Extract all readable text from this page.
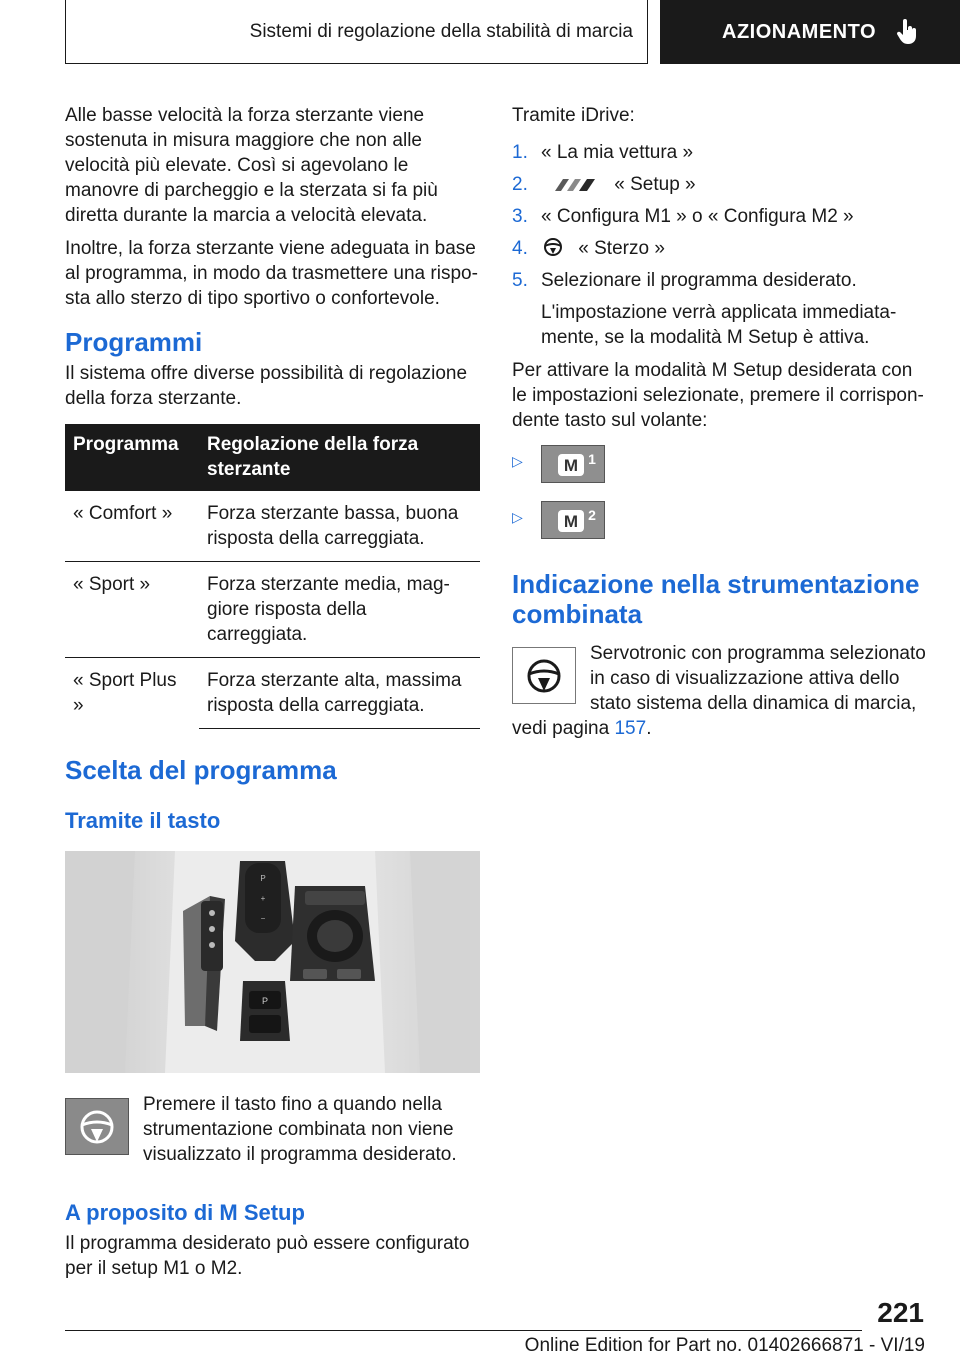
Sistemi di regolazione della stabilità di marcia	AZIONAMENTO

Alle basse velocità la forza sterzante viene sostenuta in misura maggiore che non alle velocità più elevate. Così si agevolano le manovre di parcheggio e la sterzata si fa più diretta durante la marcia a velocità elevata.

Inoltre, la forza sterzante viene adeguata in base al programma, in modo da trasmettere una risposta allo sterzo di tipo sportivo o confortevole.

Programmi

Il sistema offre diverse possibilità di regolazione della forza sterzante.

Programma	Regolazione della forza sterzante
« Comfort »	Forza sterzante bassa, buona risposta della carreggiata.
« Sport »	Forza sterzante media, maggiore risposta della carreggiata.
« Sport Plus »	Forza sterzante alta, massima risposta della carreggiata.
Scelta del programma
Tramite il tasto
P
+
−
P

Premere il tasto fino a quando nella strumentazione combinata non viene visualizzato il programma desiderato.

A proposito di M Setup

Il programma desiderato può essere configurato per il setup M1 o M2.

Tramite iDrive:

1. « La mia vettura »
2.	« Setup »
3. « Configura M1 » o « Configura M2 »
4.	« Sterzo »
5. Selezionare il programma desiderato.
L'impostazione verrà applicata immediatamente, se la modalità M Setup è attiva.

Per attivare la modalità M Setup desiderata con le impostazioni selezionate, premere il corrispondente tasto sul volante:

▷	M 1
▷	M 2
Indicazione nella strumentazione combinata

Servotronic con programma selezionato in caso di visualizzazione attiva dello stato sistema della dinamica di marcia, vedi pagina 157.

221
Online Edition for Part no. 01402666871 - VI/19
